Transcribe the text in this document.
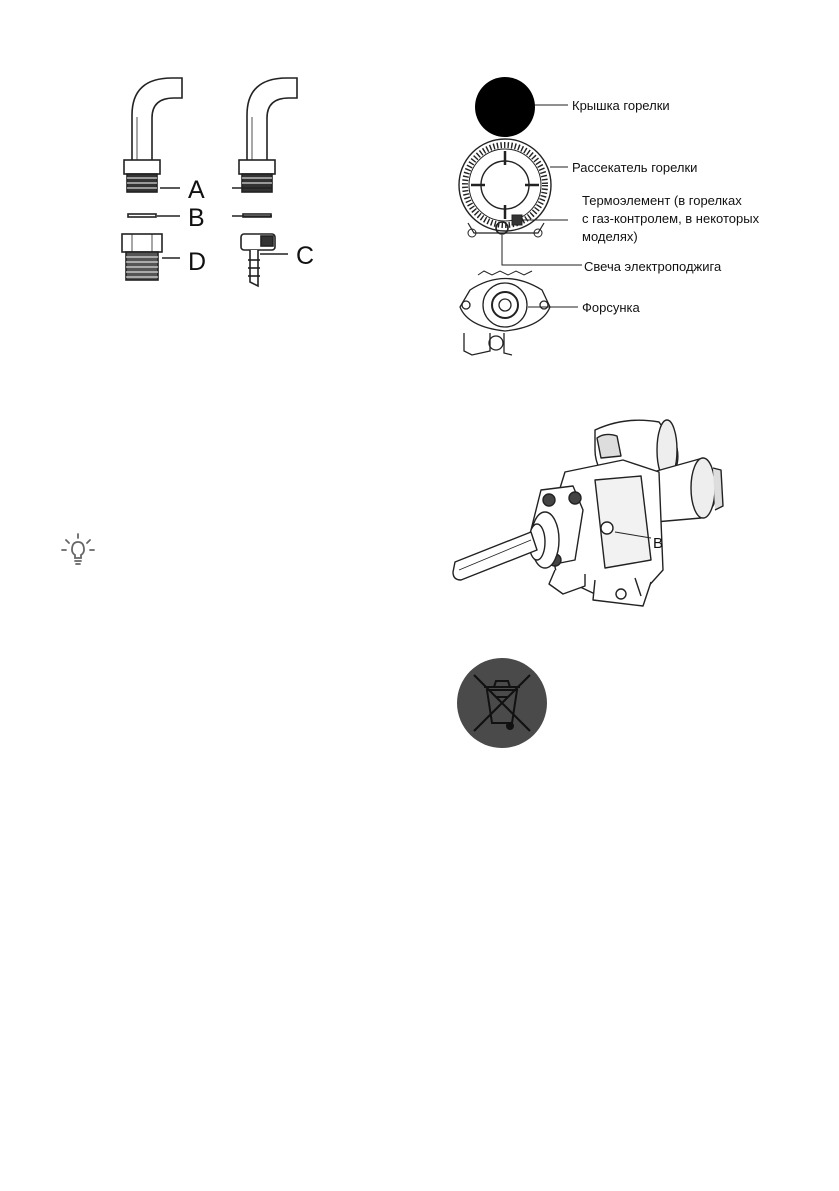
A
B
D	C
Крышка горелки
Рассекатель горелки
Термоэлемент (в горелках
с газ-контролем, в некоторых
моделях)
Свеча электроподжига
Форсунка
B
